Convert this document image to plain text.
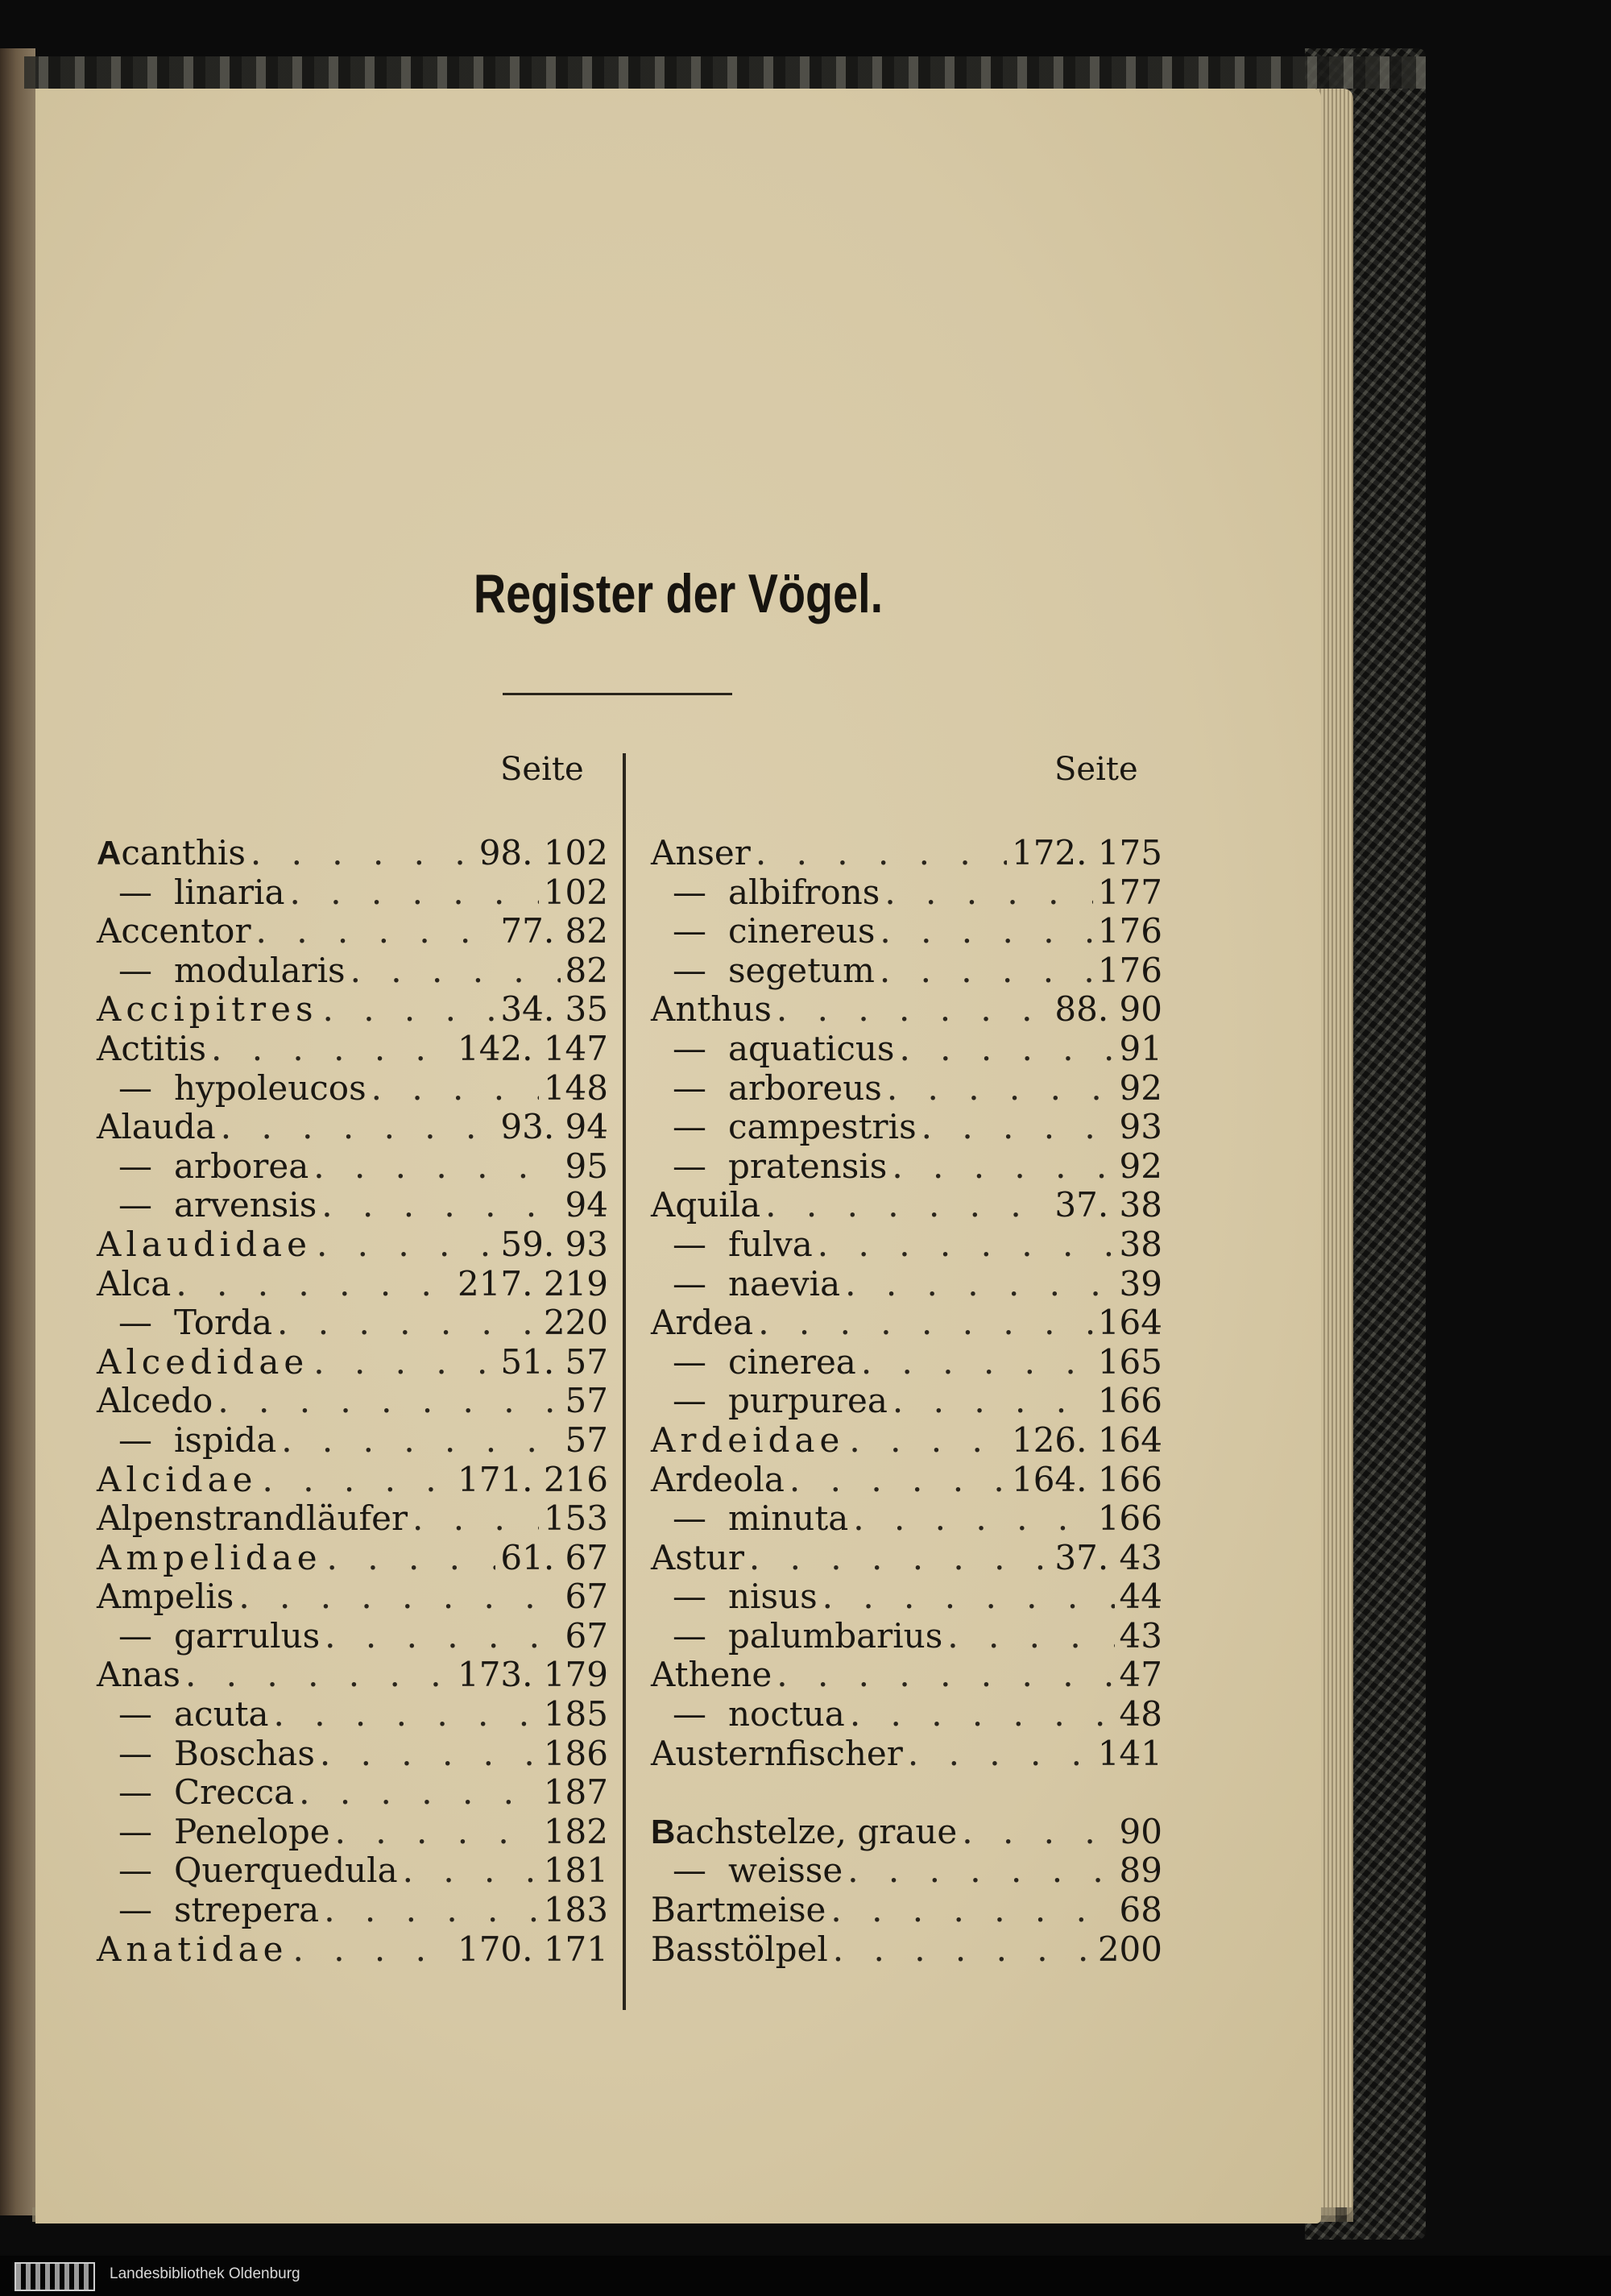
Register der Vögel.
Seite	Seite
Acanthis . . .	98. 102
— linaria . . .	102
Accentor . . .	77. 82
— modularis . . .	82
Accipitres . . .	34. 35
Actitis . . .	142. 147
— hypoleucos . . .	148
Alauda . . .	93. 94
— arborea . . .	95
— arvensis . . .	94
Alaudidae . . .	59. 93
Alca . . .	217. 219
— Torda . . .	220
Alcedidae . . .	51. 57
Alcedo . . .	57
— ispida . . .	57
Alcidae . . .	171. 216
Alpenstrandläufer . . .	153
Ampelidae . . .	61. 67
Ampelis . . .	67
— garrulus . . .	67
Anas . . .	173. 179
— acuta . . .	185
— Boschas . . .	186
— Crecca . . .	187
— Penelope . . .	182
— Querquedula . . .	181
— strepera . . .	183
Anatidae . . .	170. 171
Anser . . .	172. 175
— albifrons . . .	177
— cinereus . . .	176
— segetum . . .	176
Anthus . . .	88. 90
— aquaticus . . .	91
— arboreus . . .	92
— campestris . . .	93
— pratensis . . .	92
Aquila . . .	37. 38
— fulva . . .	38
— naevia . . .	39
Ardea . . .	164
— cinerea . . .	165
— purpurea . . .	166
Ardeidae . . .	126. 164
Ardeola . . .	164. 166
— minuta . . .	166
Astur . . .	37. 43
— nisus . . .	44
— palumbarius . . .	43
Athene . . .	47
— noctua . . .	48
Austernfischer . . .	141
Bachstelze, graue . . .	90
— weisse . . .	89
Bartmeise . . .	68
Basstölpel . . .	200
Landesbibliothek Oldenburg
